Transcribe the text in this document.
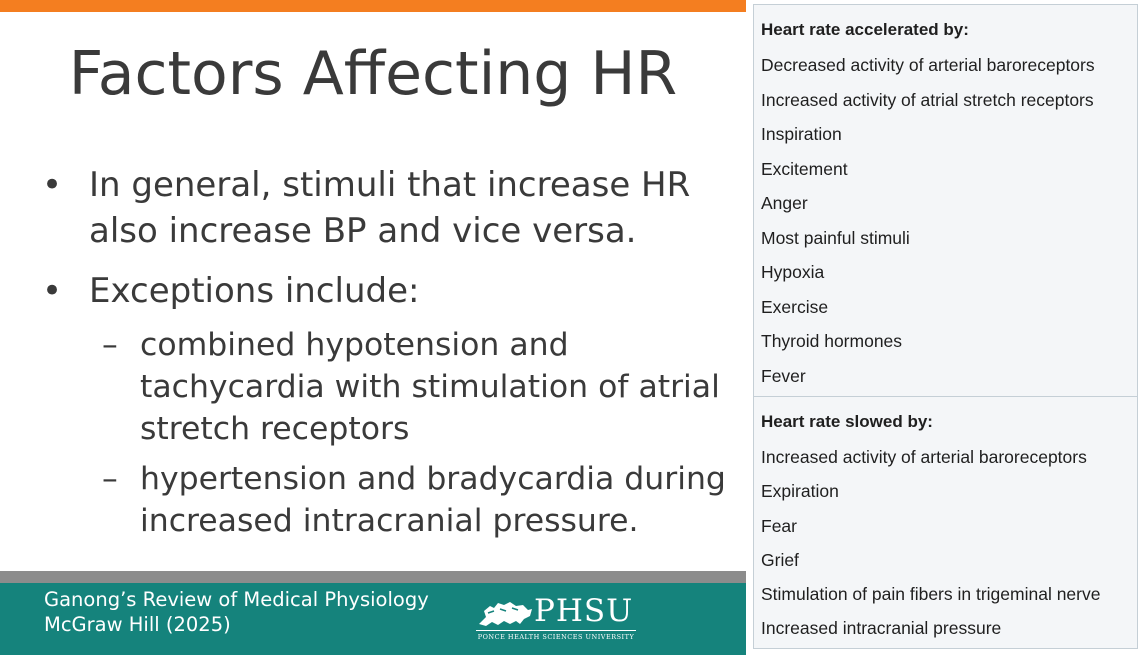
Factors Affecting HR
• In general, stimuli that increase HR also increase BP and vice versa.
• Exceptions include:
– combined hypotension and tachycardia with stimulation of atrial stretch receptors
– hypertension and bradycardia during increased intracranial pressure.
Ganong’s Review of Medical Physiology
McGraw Hill (2025)	PHSU
PONCE HEALTH SCIENCES UNIVERSITY
Heart rate accelerated by:
Decreased activity of arterial baroreceptors
Increased activity of atrial stretch receptors
Inspiration
Excitement
Anger
Most painful stimuli
Hypoxia
Exercise
Thyroid hormones
Fever
Heart rate slowed by:
Increased activity of arterial baroreceptors
Expiration
Fear
Grief
Stimulation of pain fibers in trigeminal nerve
Increased intracranial pressure
